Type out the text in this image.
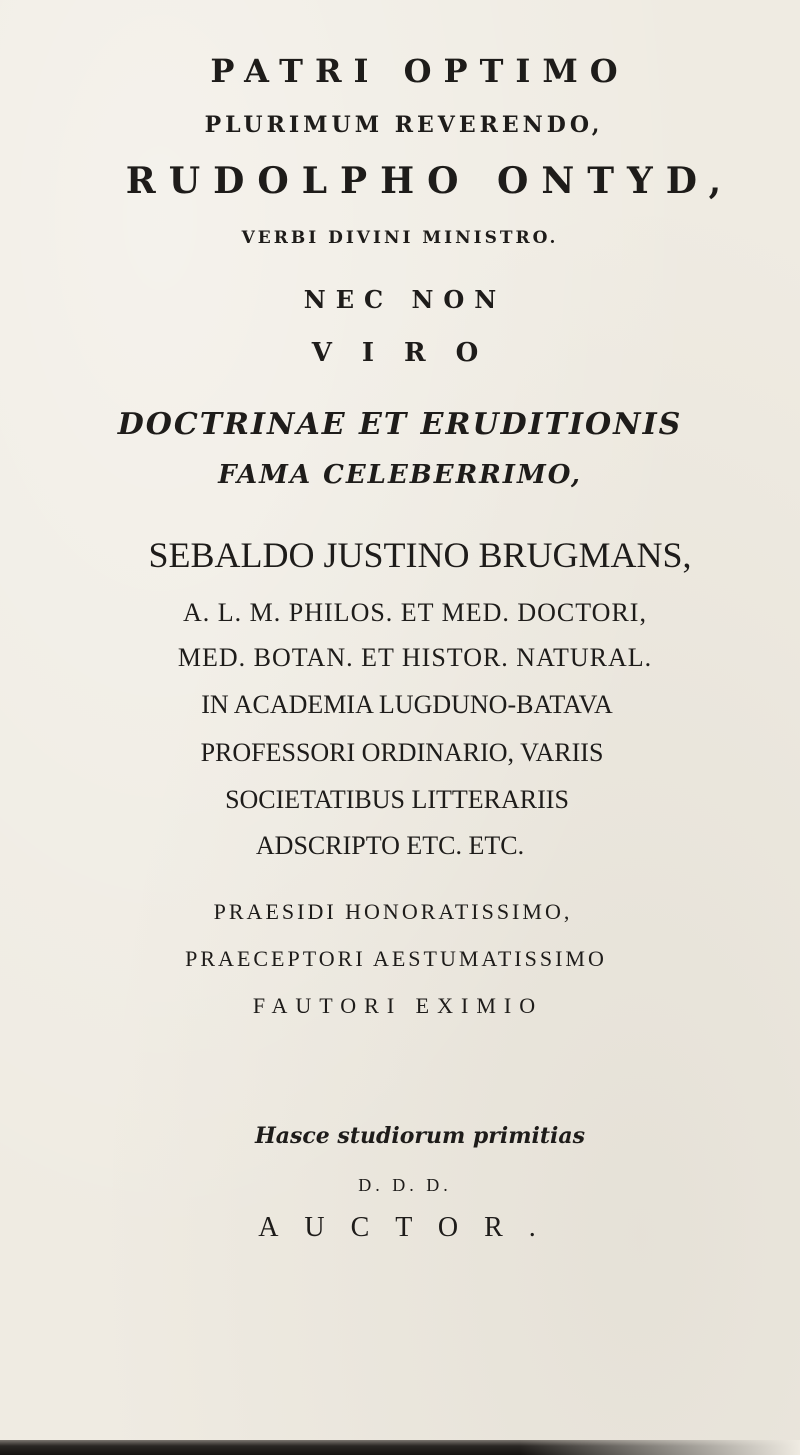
PATRI OPTIMO

PLURIMUM REVERENDO,

RUDOLPHO ONTYD,

VERBI DIVINI MINISTRO.

NEC NON

VIRO

DOCTRINAE ET ERUDITIONIS

FAMA CELEBERRIMO,

SEBALDO JUSTINO BRUGMANS,

A. L. M. PHILOS. ET MED. DOCTORI,

MED. BOTAN. ET HISTOR. NATURAL.

IN ACADEMIA LUGDUNO-BATAVA

PROFESSORI ORDINARIO, VARIIS

SOCIETATIBUS LITTERARIIS

ADSCRIPTO ETC. ETC.

PRAESIDI HONORATISSIMO,

PRAECEPTORI AESTUMATISSIMO

FAUTORI EXIMIO

Hasce studiorum primitias

D. D. D.

AUCTOR.
